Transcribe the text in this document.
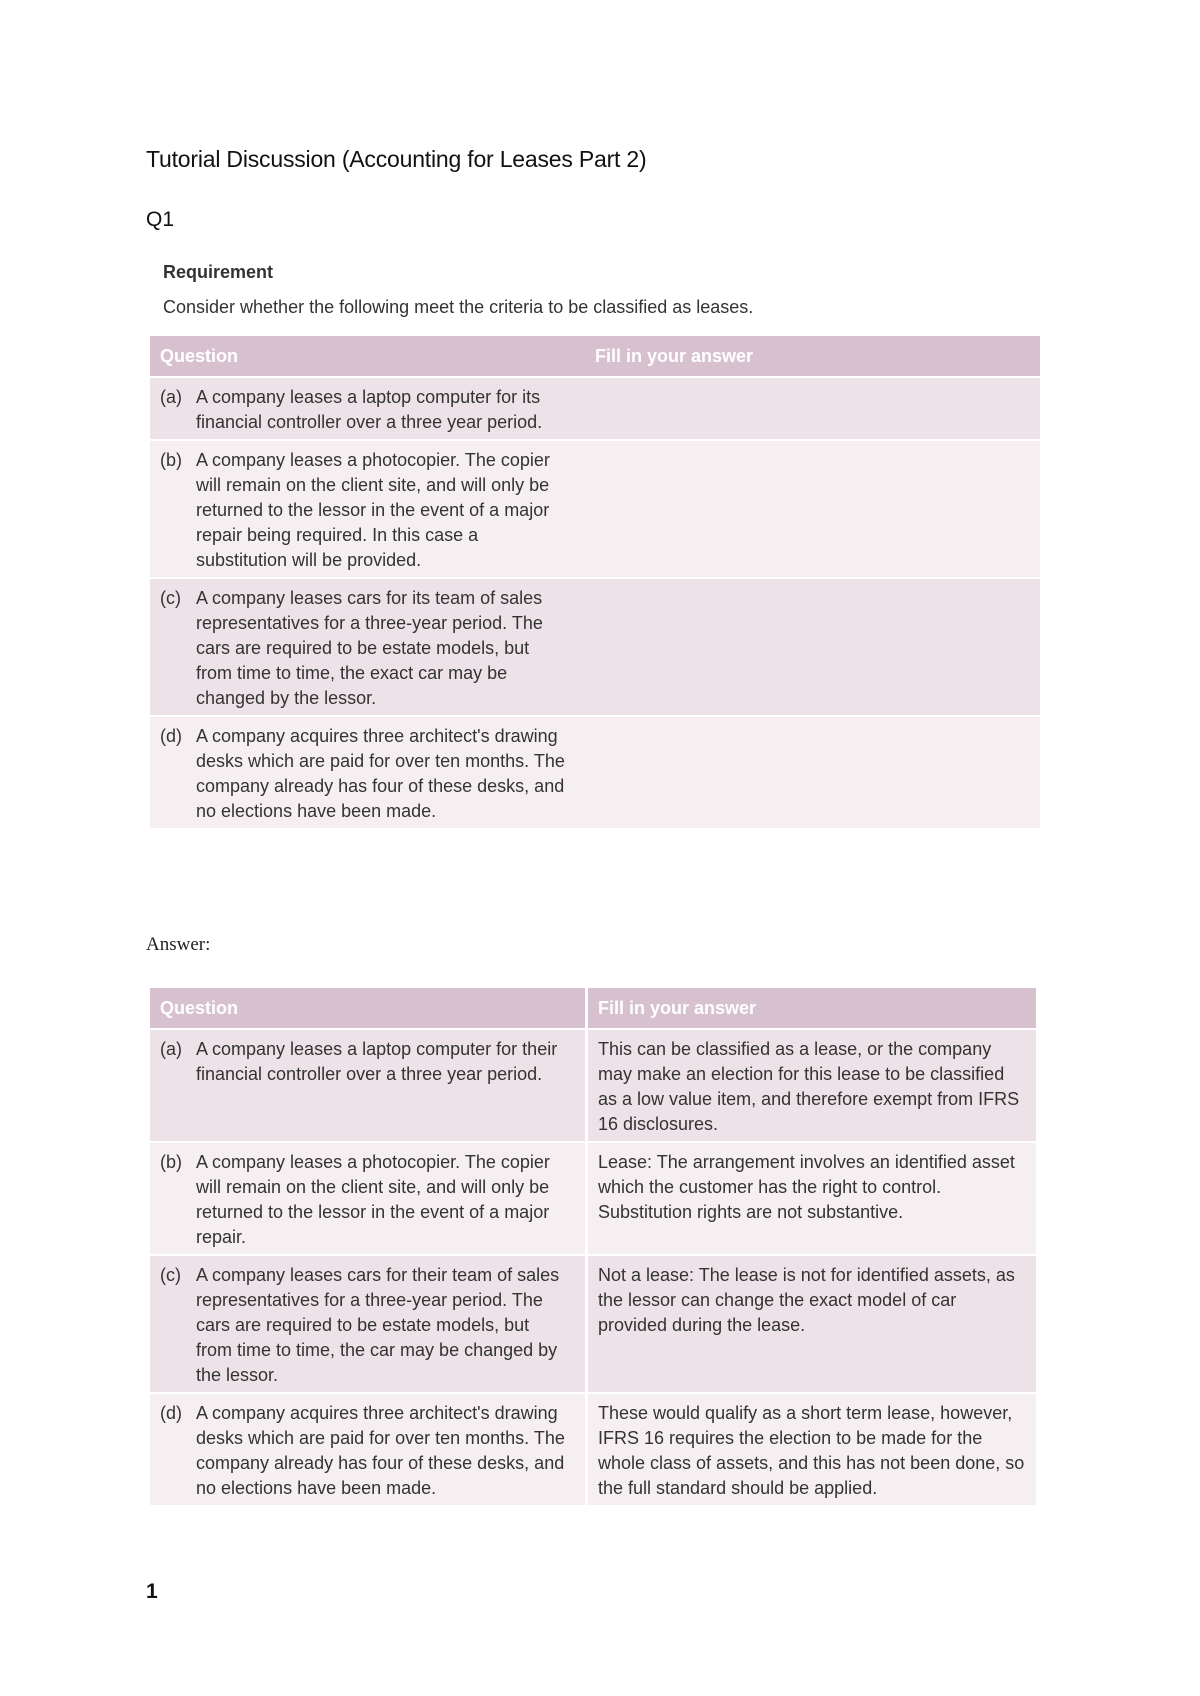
Tutorial Discussion (Accounting for Leases Part 2)
Q1

Requirement

Consider whether the following meet the criteria to be classified as leases.

Question	Fill in your answer
(a) A company leases a laptop computer for its financial controller over a three year period.	
(b) A company leases a photocopier. The copier will remain on the client site, and will only be returned to the lessor in the event of a major repair being required. In this case a substitution will be provided.	
(c) A company leases cars for its team of sales representatives for a three-year period. The cars are required to be estate models, but from time to time, the exact car may be changed by the lessor.	
(d) A company acquires three architect's drawing desks which are paid for over ten months. The company already has four of these desks, and no elections have been made.	
Answer:
Question	Fill in your answer
(a) A company leases a laptop computer for their financial controller over a three year period.	This can be classified as a lease, or the company may make an election for this lease to be classified as a low value item, and therefore exempt from IFRS 16 disclosures.
(b) A company leases a photocopier. The copier will remain on the client site, and will only be returned to the lessor in the event of a major repair.	Lease: The arrangement involves an identified asset which the customer has the right to control. Substitution rights are not substantive.
(c) A company leases cars for their team of sales representatives for a three-year period. The cars are required to be estate models, but from time to time, the car may be changed by the lessor.	Not a lease: The lease is not for identified assets, as the lessor can change the exact model of car provided during the lease.
(d) A company acquires three architect's drawing desks which are paid for over ten months. The company already has four of these desks, and no elections have been made.	These would qualify as a short term lease, however, IFRS 16 requires the election to be made for the whole class of assets, and this has not been done, so the full standard should be applied.
1
